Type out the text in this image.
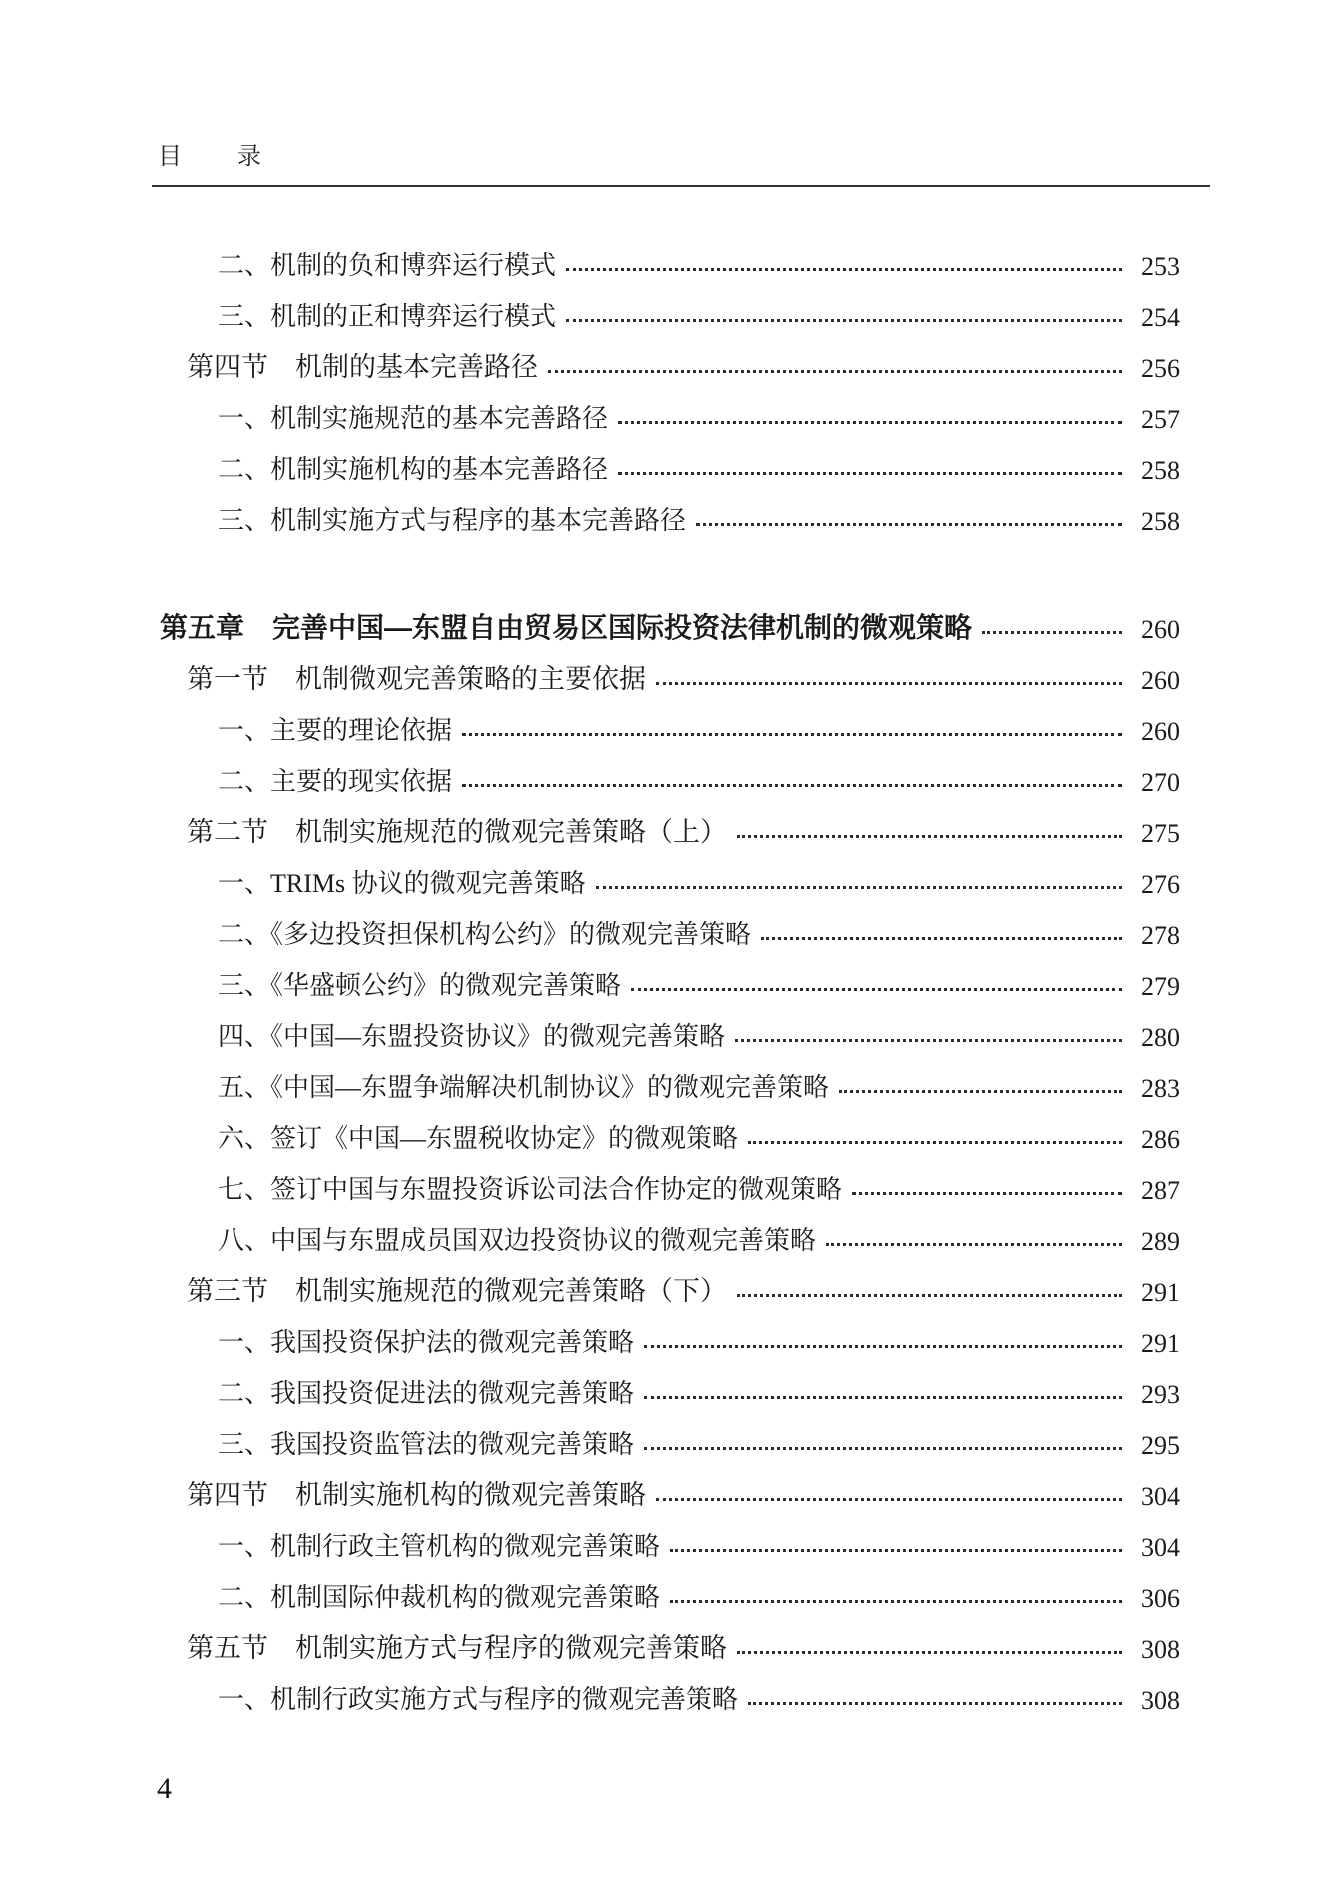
目 录
二、机制的负和博弈运行模式	253
三、机制的正和博弈运行模式	254
第四节　机制的基本完善路径	256
一、机制实施规范的基本完善路径	257
二、机制实施机构的基本完善路径	258
三、机制实施方式与程序的基本完善路径	258
第五章　完善中国—东盟自由贸易区国际投资法律机制的微观策略	260
第一节　机制微观完善策略的主要依据	260
一、主要的理论依据	260
二、主要的现实依据	270
第二节　机制实施规范的微观完善策略（上）	275
一、TRIMs 协议的微观完善策略	276
二、《多边投资担保机构公约》的微观完善策略	278
三、《华盛顿公约》的微观完善策略	279
四、《中国—东盟投资协议》的微观完善策略	280
五、《中国—东盟争端解决机制协议》的微观完善策略	283
六、签订《中国—东盟税收协定》的微观策略	286
七、签订中国与东盟投资诉讼司法合作协定的微观策略	287
八、中国与东盟成员国双边投资协议的微观完善策略	289
第三节　机制实施规范的微观完善策略（下）	291
一、我国投资保护法的微观完善策略	291
二、我国投资促进法的微观完善策略	293
三、我国投资监管法的微观完善策略	295
第四节　机制实施机构的微观完善策略	304
一、机制行政主管机构的微观完善策略	304
二、机制国际仲裁机构的微观完善策略	306
第五节　机制实施方式与程序的微观完善策略	308
一、机制行政实施方式与程序的微观完善策略	308
4
